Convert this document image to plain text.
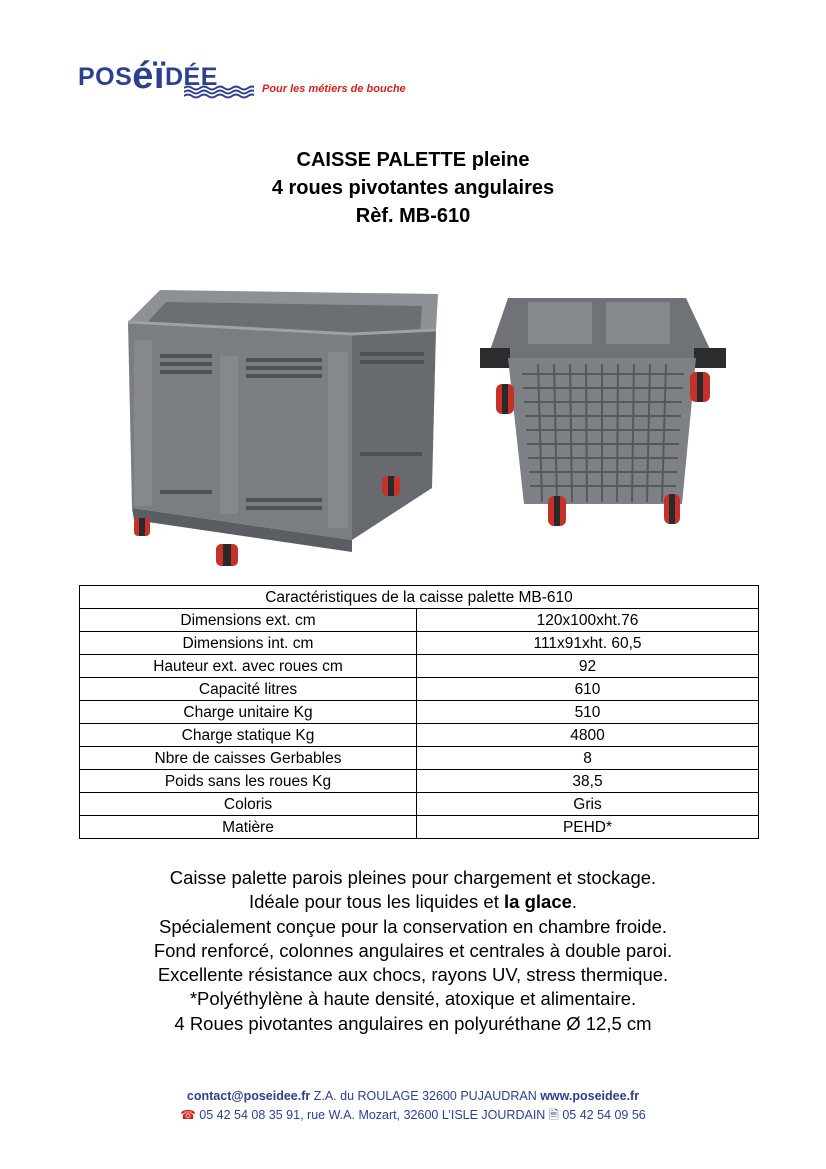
POSéïDÉE	Pour les métiers de bouche
CAISSE PALETTE pleine
4 roues pivotantes angulaires
Rèf. MB-610
Caractéristiques de la caisse palette MB-610	
Dimensions ext. cm	120x100xht.76
Dimensions int. cm	111x91xht. 60,5
Hauteur ext. avec roues cm	92
Capacité litres	610
Charge unitaire Kg	510
Charge statique Kg	4800
Nbre de caisses Gerbables	8
Poids sans les roues Kg	38,5
Coloris	Gris
Matière	PEHD*
Caisse palette parois pleines pour chargement et stockage.
Idéale pour tous les liquides et la glace.
Spécialement conçue pour la conservation en chambre froide.
Fond renforcé, colonnes angulaires et centrales à double paroi.
Excellente résistance aux chocs, rayons UV, stress thermique.
*Polyéthylène à haute densité, atoxique et alimentaire.
4 Roues pivotantes angulaires en polyuréthane Ø 12,5 cm
contact@poseidee.fr Z.A. du ROULAGE 32600 PUJAUDRAN www.poseidee.fr
☎ 05 42 54 08 35 91, rue W.A. Mozart, 32600 L’ISLE JOURDAIN 🖹 05 42 54 09 56
